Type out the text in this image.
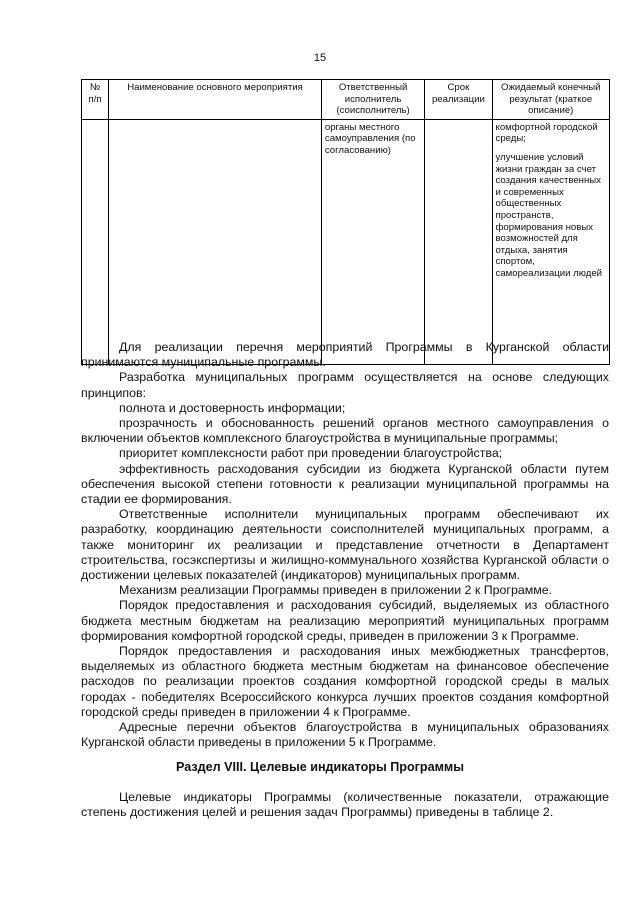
15
№ п/п	Наименование основного мероприятия	Ответственный исполнитель (соисполнитель)	Срок реализации	Ожидаемый конечный результат (краткое описание)
		органы местного самоуправления (по согласованию)		комфортной городской среды;
улучшение условий жизни граждан за счет создания качественных и современных общественных пространств, формирования новых возможностей для отдыха, занятия спортом, самореализации людей

Для реализации перечня мероприятий Программы в Курганской области принимаются муниципальные программы.

Разработка муниципальных программ осуществляется на основе следующих принципов:

полнота и достоверность информации;

прозрачность и обоснованность решений органов местного самоуправления о включении объектов комплексного благоустройства в муниципальные программы;

приоритет комплексности работ при проведении благоустройства;

эффективность расходования субсидии из бюджета Курганской области путем обеспечения высокой степени готовности к реализации муниципальной программы на стадии ее формирования.

Ответственные исполнители муниципальных программ обеспечивают их разработку, координацию деятельности соисполнителей муниципальных программ, а также мониторинг их реализации и представление отчетности в Департамент строительства, госэкспертизы и жилищно-коммунального хозяйства Курганской области о достижении целевых показателей (индикаторов) муниципальных программ.

Механизм реализации Программы приведен в приложении 2 к Программе.

Порядок предоставления и расходования субсидий, выделяемых из областного бюджета местным бюджетам на реализацию мероприятий муниципальных программ формирования комфортной городской среды, приведен в приложении 3 к Программе.

Порядок предоставления и расходования иных межбюджетных трансфертов, выделяемых из областного бюджета местным бюджетам на финансовое обеспечение расходов по реализации проектов создания комфортной городской среды в малых городах - победителях Всероссийского конкурса лучших проектов создания комфортной городской среды приведен в приложении 4 к Программе.

Адресные перечни объектов благоустройства в муниципальных образованиях Курганской области приведены в приложении 5 к Программе.

Раздел VIII. Целевые индикаторы Программы

Целевые индикаторы Программы (количественные показатели, отражающие степень достижения целей и решения задач Программы) приведены в таблице 2.
